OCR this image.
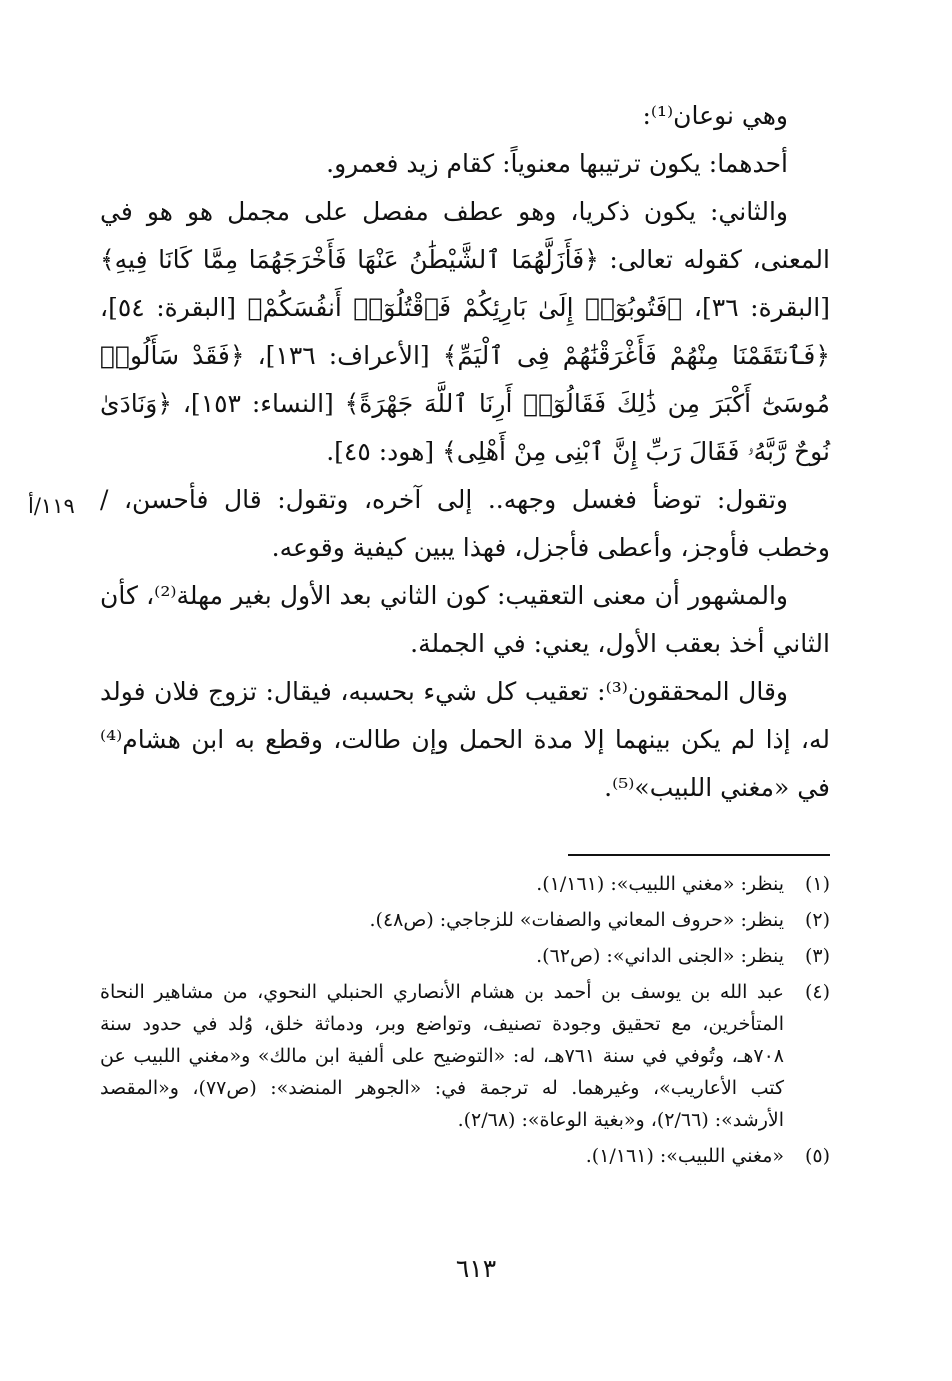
وهي نوعان⁽¹⁾:

أحدهما: يكون ترتيبها معنوياً: كقام زيد فعمرو.

والثاني: يكون ذكريا، وهو عطف مفصل على مجمل هو هو في المعنى، كقوله تعالى: ﴿فَأَزَلَّهُمَا ٱلشَّيْطَٰنُ عَنْهَا فَأَخْرَجَهُمَا مِمَّا كَانَا فِيهِ﴾ [البقرة: ٣٦]، ﴿فَتُوبُوٓا۟ إِلَىٰ بَارِئِكُمْ فَٱقْتُلُوٓا۟ أَنفُسَكُمْ﴾ [البقرة: ٥٤]، ﴿فَٱنتَقَمْنَا مِنْهُمْ فَأَغْرَقْنَٰهُمْ فِى ٱلْيَمِّ﴾ [الأعراف: ١٣٦]، ﴿فَقَدْ سَأَلُوا۟ مُوسَىٰٓ أَكْبَرَ مِن ذَٰلِكَ فَقَالُوٓا۟ أَرِنَا ٱللَّهَ جَهْرَةً﴾ [النساء: ١٥٣]، ﴿وَنَادَىٰ نُوحٌ رَّبَّهُۥ فَقَالَ رَبِّ إِنَّ ٱبْنِى مِنْ أَهْلِى﴾ [هود: ٤٥].

وتقول: توضأ فغسل وجهه.. إلى آخره، وتقول: قال فأحسن، / وخطب فأوجز، وأعطى فأجزل، فهذا يبين كيفية وقوعه.

والمشهور أن معنى التعقيب: كون الثاني بعد الأول بغير مهلة⁽²⁾، كأن الثاني أخذ بعقب الأول، يعني: في الجملة.

وقال المحققون⁽³⁾: تعقيب كل شيء بحسبه، فيقال: تزوج فلان فولد له، إذا لم يكن بينهما إلا مدة الحمل وإن طالت، وقطع به ابن هشام⁽⁴⁾ في «مغني اللبيب»⁽⁵⁾.

(١)
ينظر: «مغني اللبيب»: (١/١٦١).
(٢)
ينظر: «حروف المعاني والصفات» للزجاجي: (ص٤٨).
(٣)
ينظر: «الجنى الداني»: (ص٦٢).
(٤)
عبد الله بن يوسف بن أحمد بن هشام الأنصاري الحنبلي النحوي، من مشاهير النحاة المتأخرين، مع تحقيق وجودة تصنيف، وتواضع وبر، ودماثة خلق، وُلد في حدود سنة ٧٠٨هـ، وتُوفي في سنة ٧٦١هـ، له: «التوضيح على ألفية ابن مالك» و«مغني اللبيب عن كتب الأعاريب»، وغيرهما. له ترجمة في: «الجوهر المنضد»: (ص٧٧)، و«المقصد الأرشد»: (٢/٦٦)، و«بغية الوعاة»: (٢/٦٨).
(٥)
«مغني اللبيب»: (١/١٦١).
١١٩/أ
٦١٣
